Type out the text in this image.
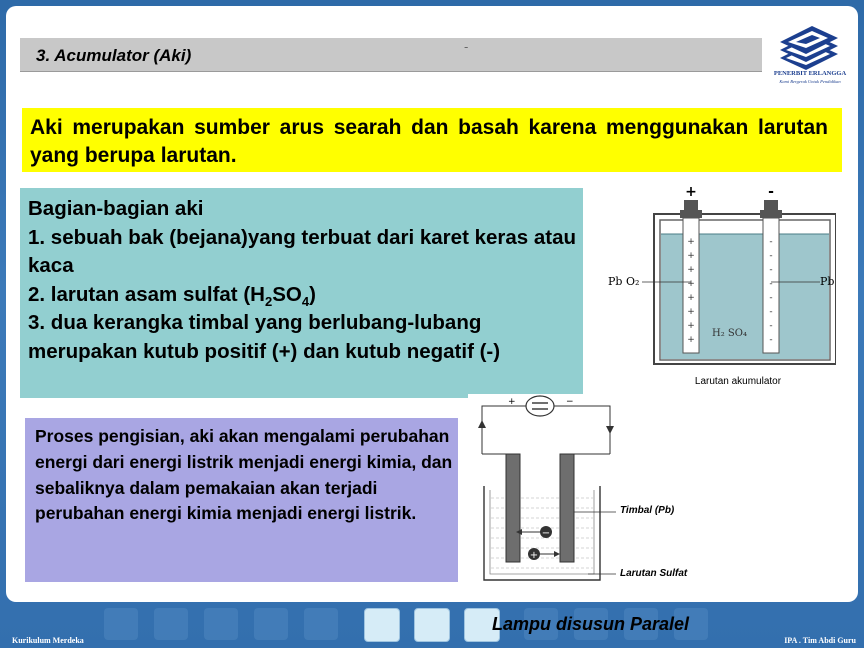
3. Acumulator (Aki)	-
PENERBIT ERLANGGA
Kami Bergerak Untuk Pendidikan
Aki merupakan sumber arus searah dan basah karena menggunakan larutan yang berupa larutan.
Bagian-bagian aki
1. sebuah bak (bejana)yang terbuat dari karet keras atau kaca
2. larutan asam sulfat $(H_2SO_4)$
3. dua kerangka timbal yang berlubang-lubang merupakan kutub positif (+) dan kutub negatif (-)
+
+
+
+
+
+
+
+
-
-
-
-
-
-
-
-
+	-
Pb O₂	Pb
H₂ SO₄
Larutan akumulator
Proses pengisian, aki akan mengalami perubahan energi dari energi listrik menjadi energi kimia, dan sebaliknya dalam pemakaian akan terjadi perubahan energi kimia menjadi energi listrik.
+	−
−
+
Timbal (Pb)
Larutan Sulfat
Lampu disusun Paralel
Kurikulum Merdeka	IPA . Tim Abdi Guru
